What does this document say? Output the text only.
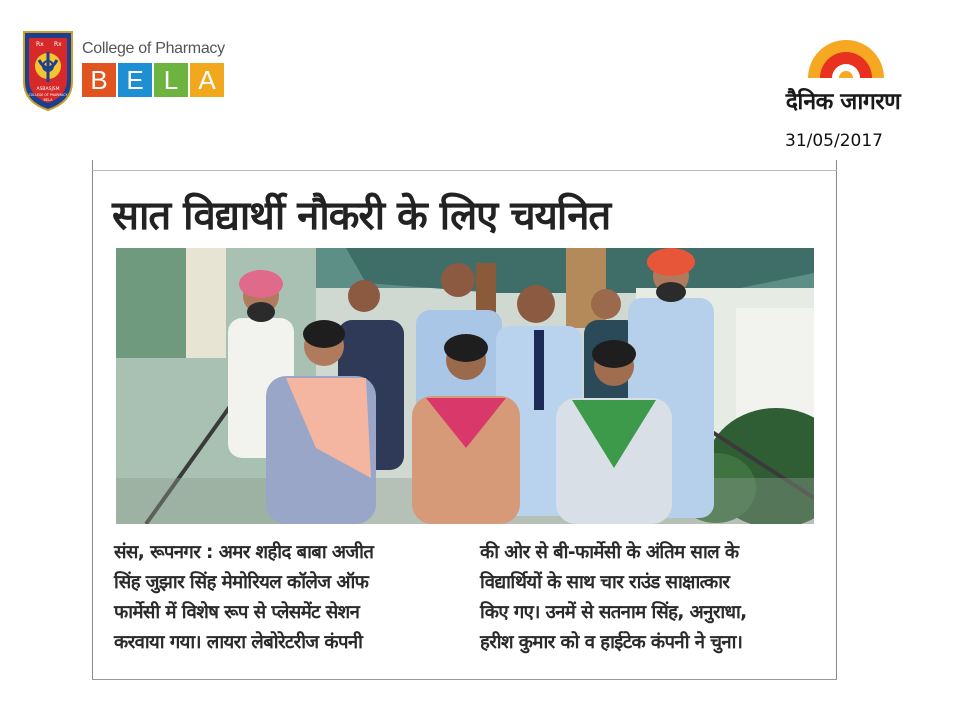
Rx Rx
ASBASJSM
COLLEGE OF PHARMACY
BELA
College of Pharmacy
B E L A
दैनिक जागरण
31/05/2017
सात विद्यार्थी नौकरी के लिए चयनित

संस, रूपनगर : अमर शहीद बाबा अजीत

सिंह जुझार सिंह मेमोरियल कॉलेज ऑफ

फार्मेसी में विशेष रूप से प्लेसमेंट सेशन

करवाया गया। लायरा लेबोरेटरीज कंपनी

की ओर से बी-फार्मेसी के अंतिम साल के

विद्यार्थियों के साथ चार राउंड साक्षात्कार

किए गए। उनमें से सतनाम सिंह, अनुराधा,

हरीश कुमार को व हाईटेक कंपनी ने चुना।
